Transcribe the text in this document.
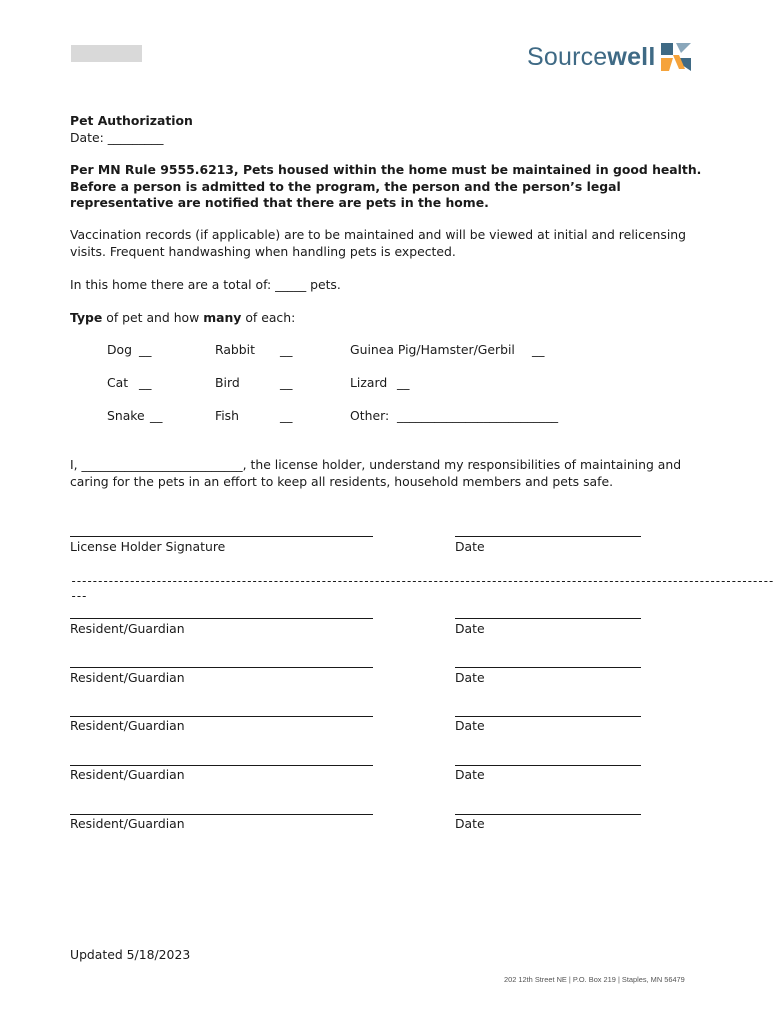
Sourcewell
Pet Authorization
Date: _________
Per MN Rule 9555.6213, Pets housed within the home must be maintained in good health. Before a person is admitted to the program, the person and the person’s legal representative are notified that there are pets in the home.
Vaccination records (if applicable) are to be maintained and will be viewed at initial and relicensing visits. Frequent handwashing when handling pets is expected.
In this home there are a total of: _____ pets.
Type of pet and how many of each:
Dog __	Rabbit __	Guinea Pig/Hamster/Gerbil __
Cat __	Bird	__	Lizard __
Snake __	Fish	__	Other: __________________________
I, __________________________, the license holder, understand my responsibilities of maintaining and caring for the pets in an effort to keep all residents, household members and pets safe.
License Holder Signature	Date
------------------------------------------------------------------------------------------------------------------------------------
---
Resident/Guardian	Date
Resident/Guardian	Date
Resident/Guardian	Date
Resident/Guardian	Date
Resident/Guardian	Date
Updated 5/18/2023
202 12th Street NE | P.O. Box 219 | Staples, MN 56479
